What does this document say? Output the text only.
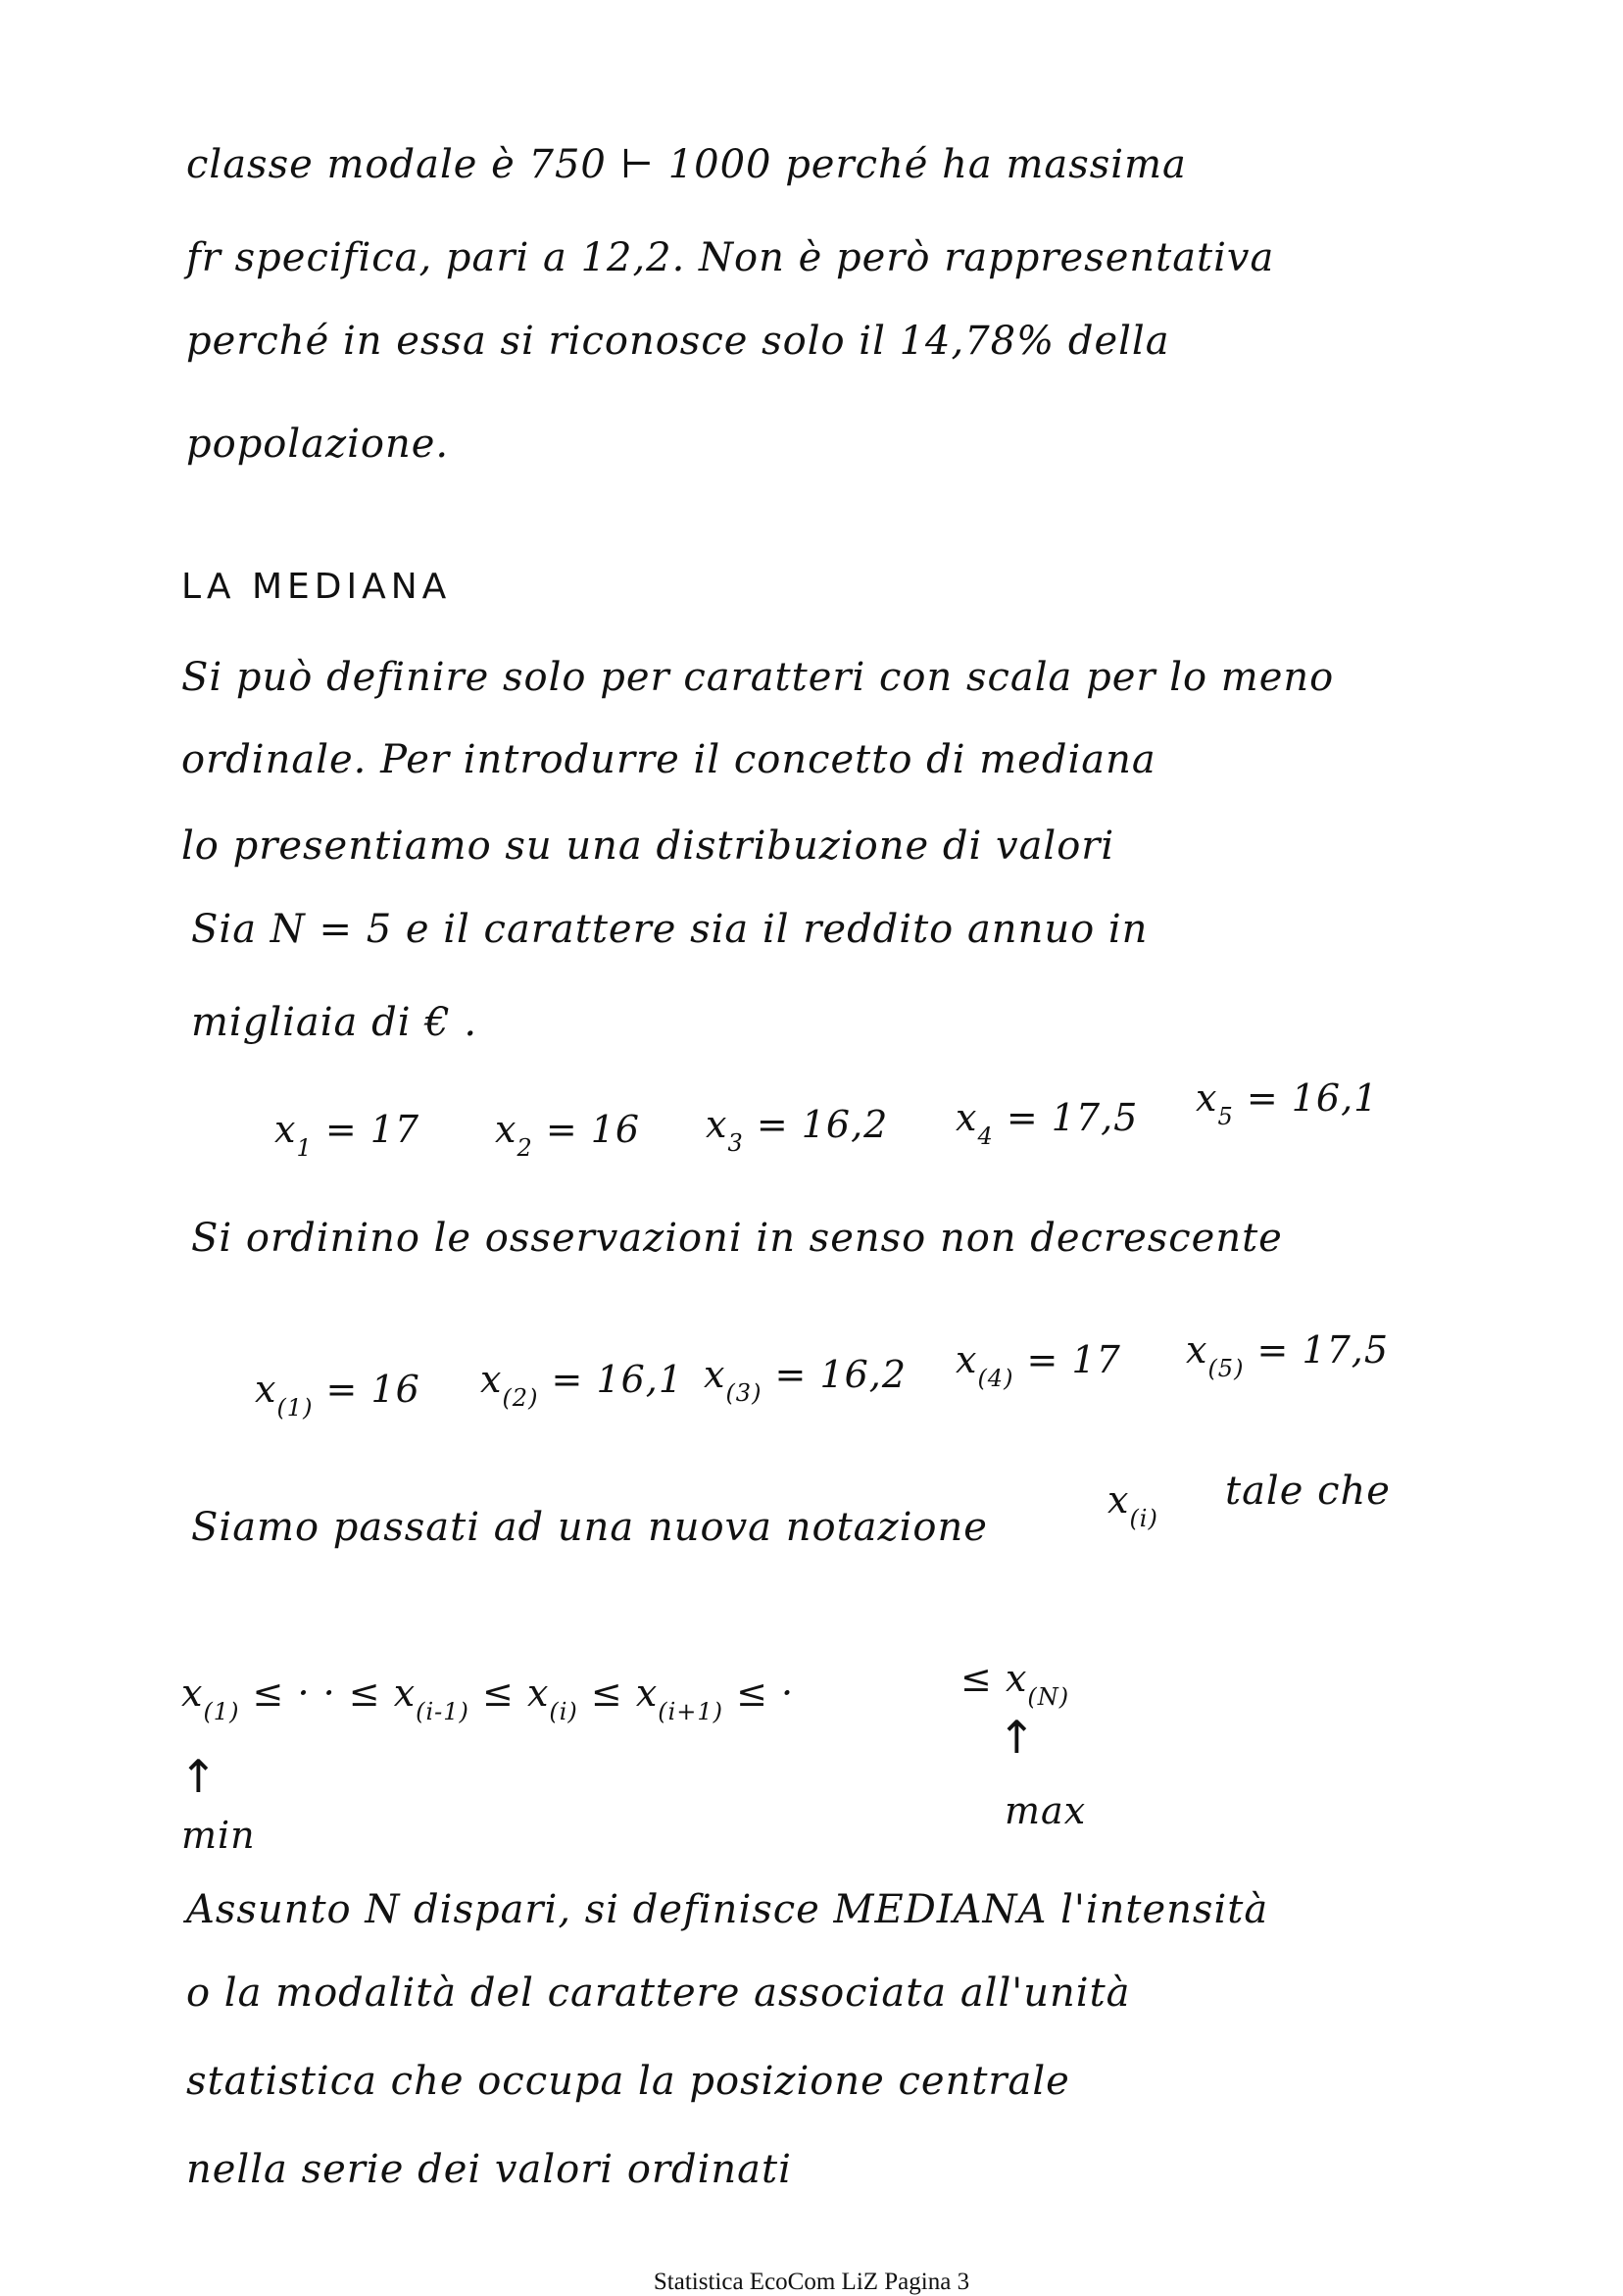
classe modale è 750 ⊢ 1000 perché ha massima
fr specifica, pari a 12,2. Non è però rappresentativa
perché in essa si riconosce solo il 14,78% della
popolazione.
LA MEDIANA
Si può definire solo per caratteri con scala per lo meno
ordinale. Per introdurre il concetto di mediana
lo presentiamo su una distribuzione di valori
Sia N = 5 e il carattere sia il reddito annuo in
migliaia di € .
$x_1 = 17$ $x_2 = 16$ $x_3 = 16,2$ $x_4 = 17,5$ $x_5 = 16,1$
Si ordinino le osservazioni in senso non decrescente
$x_{(1)} = 16$ $x_{(2)} = 16,1$ $x_{(3)} = 16,2$ $x_{(4)} = 17$ $x_{(5)} = 17,5$
Siamo passati ad una nuova notazione
$x_{(i)}$
tale che
$x_{(1)}$ ≤ · · ≤ $x_{(i-1)} \le x_{(i)} \le x_{(i+1)}$ ≤ ·	≤ $x_{(N)}$
↑
min
↑
max
Assunto N dispari, si definisce MEDIANA l'intensità
o la modalità del carattere associata all'unità
statistica che occupa la posizione centrale
nella serie dei valori ordinati
Statistica EcoCom LiZ Pagina 3
